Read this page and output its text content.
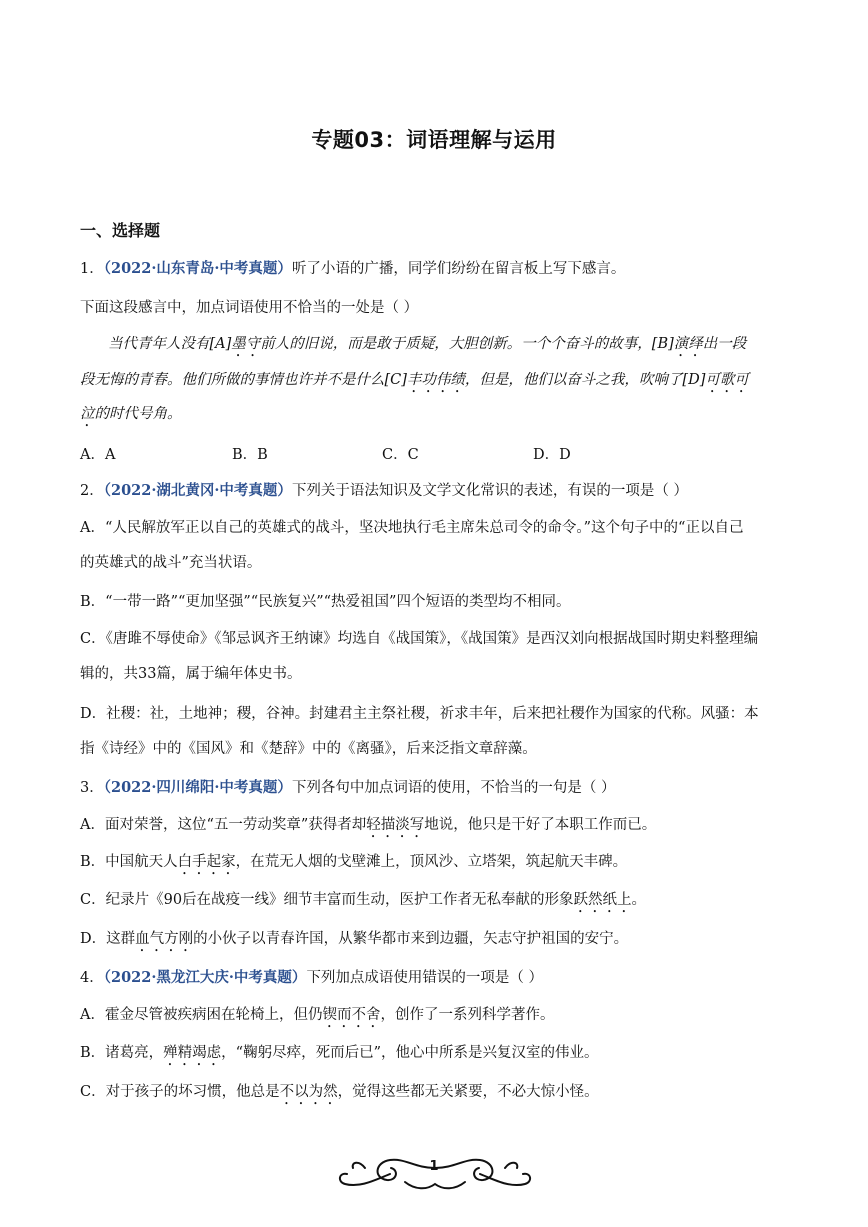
专题03：词语理解与运用
一、选择题
1．（2022·山东青岛·中考真题）听了小语的广播，同学们纷纷在留言板上写下感言。
下面这段感言中，加点词语使用不恰当的一处是（ ）
当代青年人没有[A]墨守前人的旧说，而是敢于质疑，大胆创新。一个个奋斗的故事，[B]演绎出一段
段无悔的青春。他们所做的事情也许并不是什么[C]丰功伟绩，但是，他们以奋斗之我，吹响了[D]可歌可
泣的时代号角。
A．A	B．B	C．C	D．D
2．（2022·湖北黄冈·中考真题）下列关于语法知识及文学文化常识的表述，有误的一项是（ ）
A．“人民解放军正以自己的英雄式的战斗，坚决地执行毛主席朱总司令的命令。”这个句子中的“正以自己
的英雄式的战斗”充当状语。
B．“一带一路”“更加坚强”“民族复兴”“热爱祖国”四个短语的类型均不相同。
C．《唐雎不辱使命》《邹忌讽齐王纳谏》均选自《战国策》，《战国策》是西汉刘向根据战国时期史料整理编
辑的，共33篇，属于编年体史书。
D．社稷：社，土地神；稷，谷神。封建君主主祭社稷，祈求丰年，后来把社稷作为国家的代称。风骚：本
指《诗经》中的《国风》和《楚辞》中的《离骚》，后来泛指文章辞藻。
3．（2022·四川绵阳·中考真题）下列各句中加点词语的使用，不恰当的一句是（ ）
A．面对荣誉，这位“五一劳动奖章”获得者却轻描淡写地说，他只是干好了本职工作而已。
B．中国航天人白手起家，在荒无人烟的戈壁滩上，顶风沙、立塔架，筑起航天丰碑。
C．纪录片《90后在战疫一线》细节丰富而生动，医护工作者无私奉献的形象跃然纸上。
D．这群血气方刚的小伙子以青春许国，从繁华都市来到边疆，矢志守护祖国的安宁。
4．（2022·黑龙江大庆·中考真题）下列加点成语使用错误的一项是（ ）
A．霍金尽管被疾病困在轮椅上，但仍锲而不舍，创作了一系列科学著作。
B．诸葛亮，殚精竭虑，“鞠躬尽瘁，死而后已”，他心中所系是兴复汉室的伟业。
C．对于孩子的坏习惯，他总是不以为然，觉得这些都无关紧要，不必大惊小怪。
1
